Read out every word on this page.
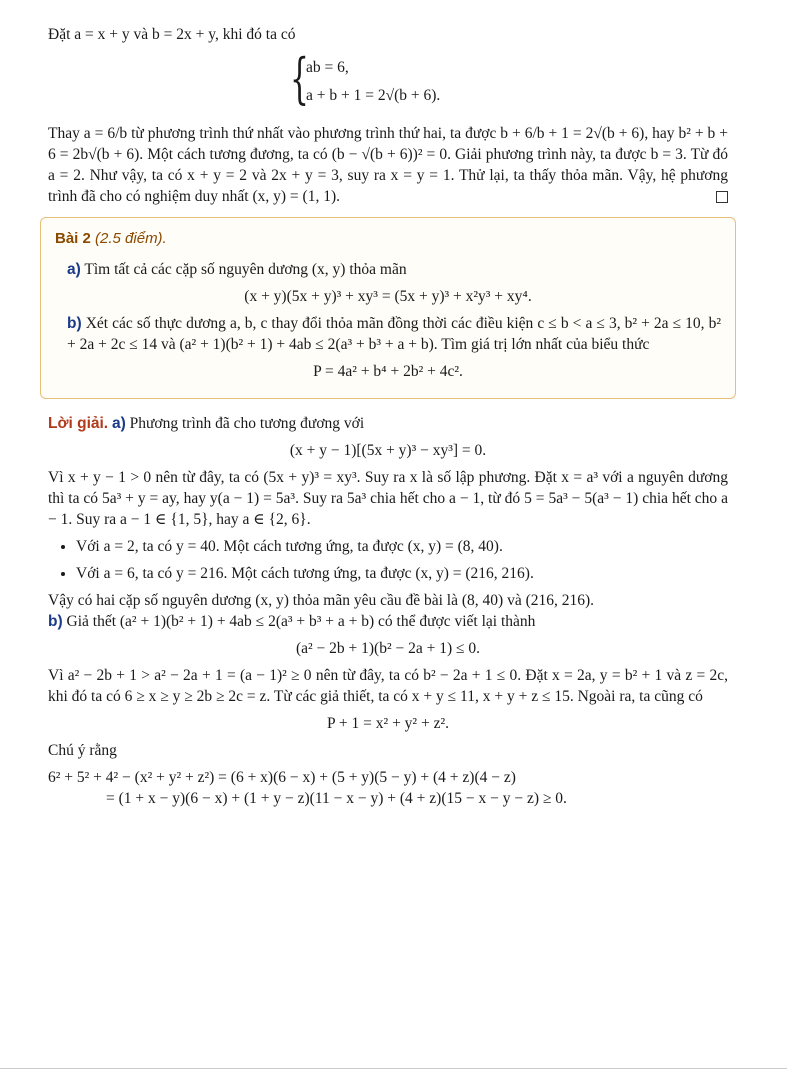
Đặt a = x + y và b = 2x + y, khi đó ta có

{
ab = 6,
a + b + 1 = 2√(b + 6).

Thay a = 6/b từ phương trình thứ nhất vào phương trình thứ hai, ta được b + 6/b + 1 = 2√(b + 6), hay b² + b + 6 = 2b√(b + 6). Một cách tương đương, ta có (b − √(b + 6))² = 0. Giải phương trình này, ta được b = 3. Từ đó a = 2. Như vậy, ta có x + y = 2 và 2x + y = 3, suy ra x = y = 1. Thử lại, ta thấy thỏa mãn. Vậy, hệ phương trình đã cho có nghiệm duy nhất (x, y) = (1, 1).

Bài 2 (2.5 điểm).

a) Tìm tất cả các cặp số nguyên dương (x, y) thỏa mãn

(x + y)(5x + y)³ + xy³ = (5x + y)³ + x²y³ + xy⁴.

b) Xét các số thực dương a, b, c thay đổi thỏa mãn đồng thời các điều kiện c ≤ b < a ≤ 3, b² + 2a ≤ 10, b² + 2a + 2c ≤ 14 và (a² + 1)(b² + 1) + 4ab ≤ 2(a³ + b³ + a + b). Tìm giá trị lớn nhất của biểu thức

P = 4a² + b⁴ + 2b² + 4c².

Lời giải. a) Phương trình đã cho tương đương với

(x + y − 1)[(5x + y)³ − xy³] = 0.

Vì x + y − 1 > 0 nên từ đây, ta có (5x + y)³ = xy³. Suy ra x là số lập phương. Đặt x = a³ với a nguyên dương thì ta có 5a³ + y = ay, hay y(a − 1) = 5a³. Suy ra 5a³ chia hết cho a − 1, từ đó 5 = 5a³ − 5(a³ − 1) chia hết cho a − 1. Suy ra a − 1 ∈ {1, 5}, hay a ∈ {2, 6}.

• Với a = 2, ta có y = 40. Một cách tương ứng, ta được (x, y) = (8, 40).
• Với a = 6, ta có y = 216. Một cách tương ứng, ta được (x, y) = (216, 216).

Vậy có hai cặp số nguyên dương (x, y) thỏa mãn yêu cầu đề bài là (8, 40) và (216, 216).

b) Giả thết (a² + 1)(b² + 1) + 4ab ≤ 2(a³ + b³ + a + b) có thể được viết lại thành

(a² − 2b + 1)(b² − 2a + 1) ≤ 0.

Vì a² − 2b + 1 > a² − 2a + 1 = (a − 1)² ≥ 0 nên từ đây, ta có b² − 2a + 1 ≤ 0. Đặt x = 2a, y = b² + 1 và z = 2c, khi đó ta có 6 ≥ x ≥ y ≥ 2b ≥ 2c = z. Từ các giả thiết, ta có x + y ≤ 11, x + y + z ≤ 15. Ngoài ra, ta cũng có

P + 1 = x² + y² + z².

Chú ý rằng

6² + 5² + 4² − (x² + y² + z²) = (6 + x)(6 − x) + (5 + y)(5 − y) + (4 + z)(4 − z)

= (1 + x − y)(6 − x) + (1 + y − z)(11 − x − y) + (4 + z)(15 − x − y − z) ≥ 0.
